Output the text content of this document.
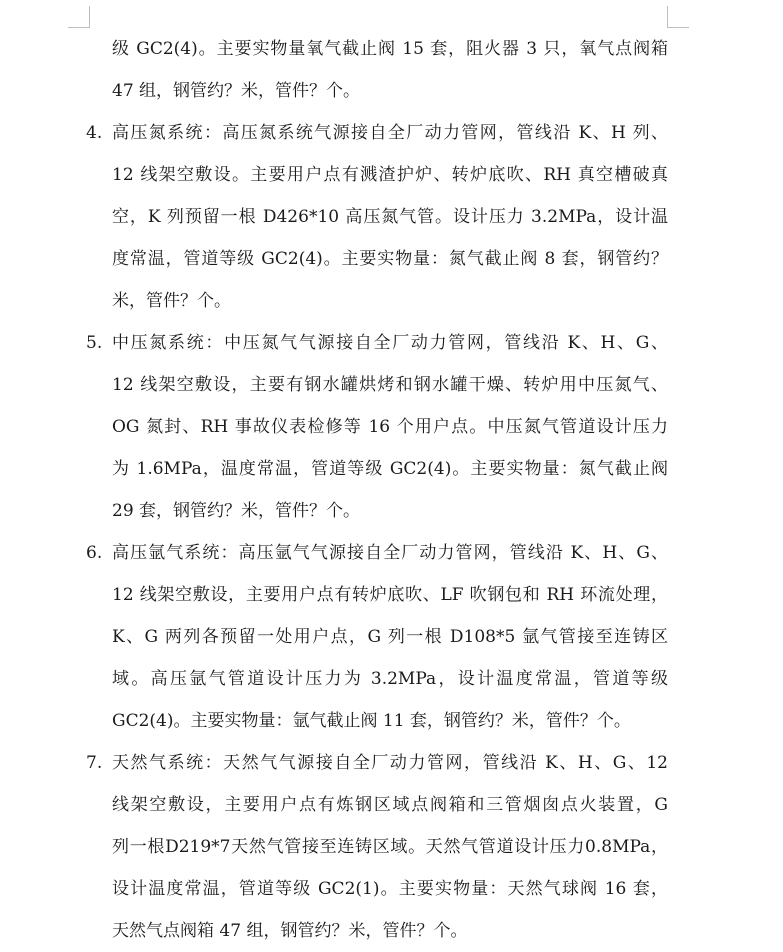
级 GC2(4)。主要实物量氧气截止阀 15 套，阻火器 3 只，氧气点阀箱
47 组，钢管约？米，管件？个。
4. 高压氮系统：高压氮系统气源接自全厂动力管网，管线沿 K、H 列、
12 线架空敷设。主要用户点有溅渣护炉、转炉底吹、RH 真空槽破真
空，K 列预留一根 D426*10 高压氮气管。设计压力 3.2MPa，设计温
度常温，管道等级 GC2(4)。主要实物量：氮气截止阀 8 套，钢管约？
米，管件？个。
5. 中压氮系统：中压氮气气源接自全厂动力管网，管线沿 K、H、G、
12 线架空敷设，主要有钢水罐烘烤和钢水罐干燥、转炉用中压氮气、
OG 氮封、RH 事故仪表检修等 16 个用户点。中压氮气管道设计压力
为 1.6MPa，温度常温，管道等级 GC2(4)。主要实物量：氮气截止阀
29 套，钢管约？米，管件？个。
6. 高压氩气系统：高压氩气气源接自全厂动力管网，管线沿 K、H、G、
12 线架空敷设，主要用户点有转炉底吹、LF 吹钢包和 RH 环流处理，
K、G 两列各预留一处用户点，G 列一根 D108*5 氩气管接至连铸区
域。高压氩气管道设计压力为 3.2MPa，设计温度常温，管道等级
GC2(4)。主要实物量：氩气截止阀 11 套，钢管约？米，管件？个。
7. 天然气系统：天然气气源接自全厂动力管网，管线沿 K、H、G、12
线架空敷设，主要用户点有炼钢区域点阀箱和三管烟囱点火装置，G
列一根D219*7天然气管接至连铸区域。天然气管道设计压力0.8MPa，
设计温度常温，管道等级 GC2(1)。主要实物量：天然气球阀 16 套，
天然气点阀箱 47 组，钢管约？米，管件？个。
